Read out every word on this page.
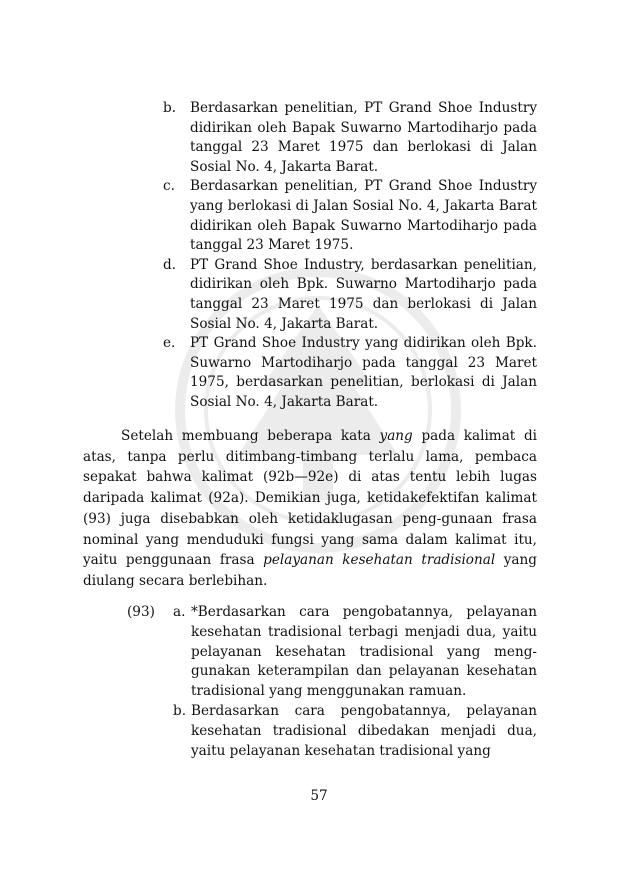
b.	Berdasarkan penelitian, PT Grand Shoe Industry didirikan oleh Bapak Suwarno Martodiharjo pada tanggal 23 Maret 1975 dan berlokasi di Jalan Sosial No. 4, Jakarta Barat.
c.	Berdasarkan penelitian, PT Grand Shoe Industry yang berlokasi di Jalan Sosial No. 4, Jakarta Barat didirikan oleh Bapak Suwarno Martodiharjo pada tanggal 23 Maret 1975.
d.	PT Grand Shoe Industry, berdasarkan penelitian, didirikan oleh Bpk. Suwarno Martodiharjo pada tanggal 23 Maret 1975 dan berlokasi di Jalan Sosial No. 4, Jakarta Barat.
e.	PT Grand Shoe Industry yang didirikan oleh Bpk. Suwarno Martodiharjo pada tanggal 23 Maret 1975, berdasarkan penelitian, berlokasi di Jalan Sosial No. 4, Jakarta Barat.

Setelah membuang beberapa kata yang pada kalimat di atas, tanpa perlu ditimbang-timbang terlalu lama, pembaca sepakat bahwa kalimat (92b—92e) di atas tentu lebih lugas daripada kalimat (92a). Demikian juga, ketidakefektifan kalimat (93) juga disebabkan oleh ketidaklugasan peng-gunaan frasa nominal yang menduduki fungsi yang sama dalam kalimat itu, yaitu penggunaan frasa pelayanan kesehatan tradisional yang diulang secara berlebihan.

(93)	a. *Berdasarkan cara pengobatannya, pelayanan kesehatan tradisional terbagi menjadi dua, yaitu pelayanan kesehatan tradisional yang meng-gunakan keterampilan dan pelayanan kesehatan tradisional yang menggunakan ramuan.
b. Berdasarkan cara pengobatannya, pelayanan kesehatan tradisional dibedakan menjadi dua, yaitu pelayanan kesehatan tradisional yang
57
